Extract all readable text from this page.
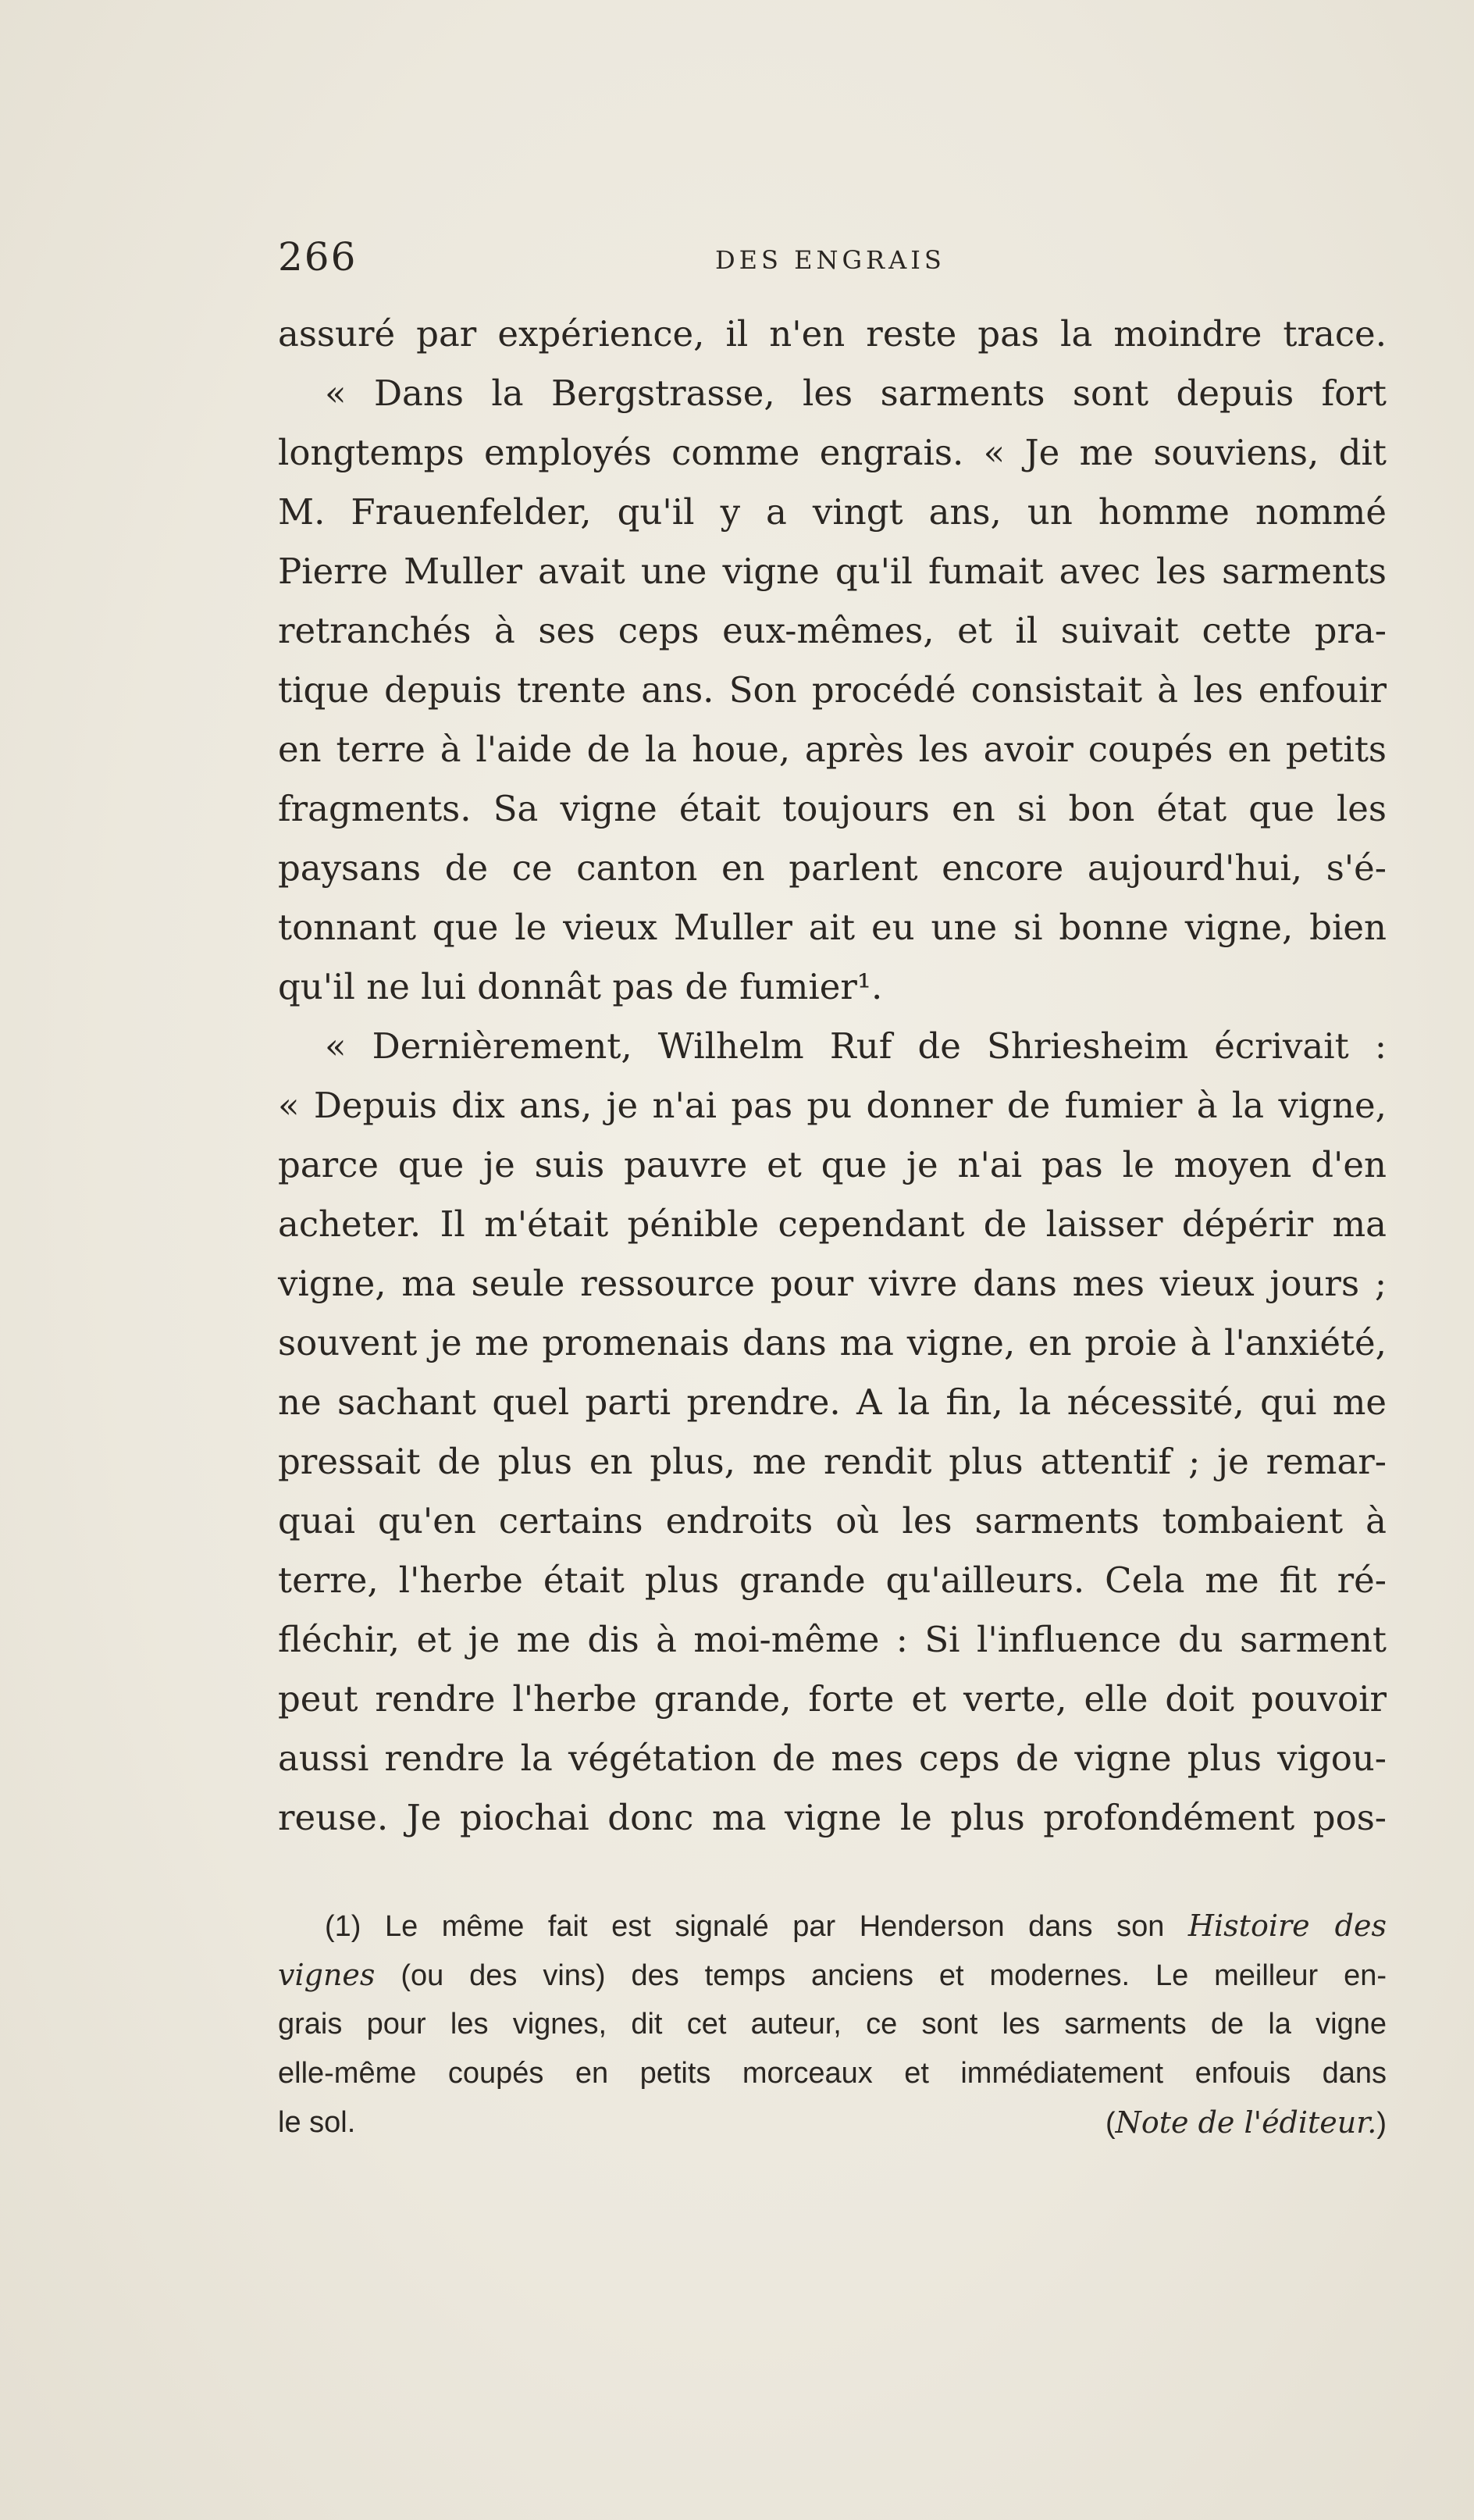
266	DES ENGRAIS
assuré par expérience, il n'en reste pas la moindre trace.
« Dans la Bergstrasse, les sarments sont depuis fort
longtemps employés comme engrais. « Je me souviens, dit
M. Frauenfelder, qu'il y a vingt ans, un homme nommé
Pierre Muller avait une vigne qu'il fumait avec les sarments
retranchés à ses ceps eux-mêmes, et il suivait cette pra-
tique depuis trente ans. Son procédé consistait à les enfouir
en terre à l'aide de la houe, après les avoir coupés en petits
fragments. Sa vigne était toujours en si bon état que les
paysans de ce canton en parlent encore aujourd'hui, s'é-
tonnant que le vieux Muller ait eu une si bonne vigne, bien
qu'il ne lui donnât pas de fumier¹.
« Dernièrement, Wilhelm Ruf de Shriesheim écrivait :
« Depuis dix ans, je n'ai pas pu donner de fumier à la vigne,
parce que je suis pauvre et que je n'ai pas le moyen d'en
acheter. Il m'était pénible cependant de laisser dépérir ma
vigne, ma seule ressource pour vivre dans mes vieux jours ;
souvent je me promenais dans ma vigne, en proie à l'anxiété,
ne sachant quel parti prendre. A la fin, la nécessité, qui me
pressait de plus en plus, me rendit plus attentif ; je remar-
quai qu'en certains endroits où les sarments tombaient à
terre, l'herbe était plus grande qu'ailleurs. Cela me fit ré-
fléchir, et je me dis à moi-même : Si l'influence du sarment
peut rendre l'herbe grande, forte et verte, elle doit pouvoir
aussi rendre la végétation de mes ceps de vigne plus vigou-
reuse. Je piochai donc ma vigne le plus profondément pos-
(1) Le même fait est signalé par Henderson dans son Histoire des
vignes (ou des vins) des temps anciens et modernes. Le meilleur en-
grais pour les vignes, dit cet auteur, ce sont les sarments de la vigne
elle-même coupés en petits morceaux et immédiatement enfouis dans
le sol.	(Note de l'éditeur.)
